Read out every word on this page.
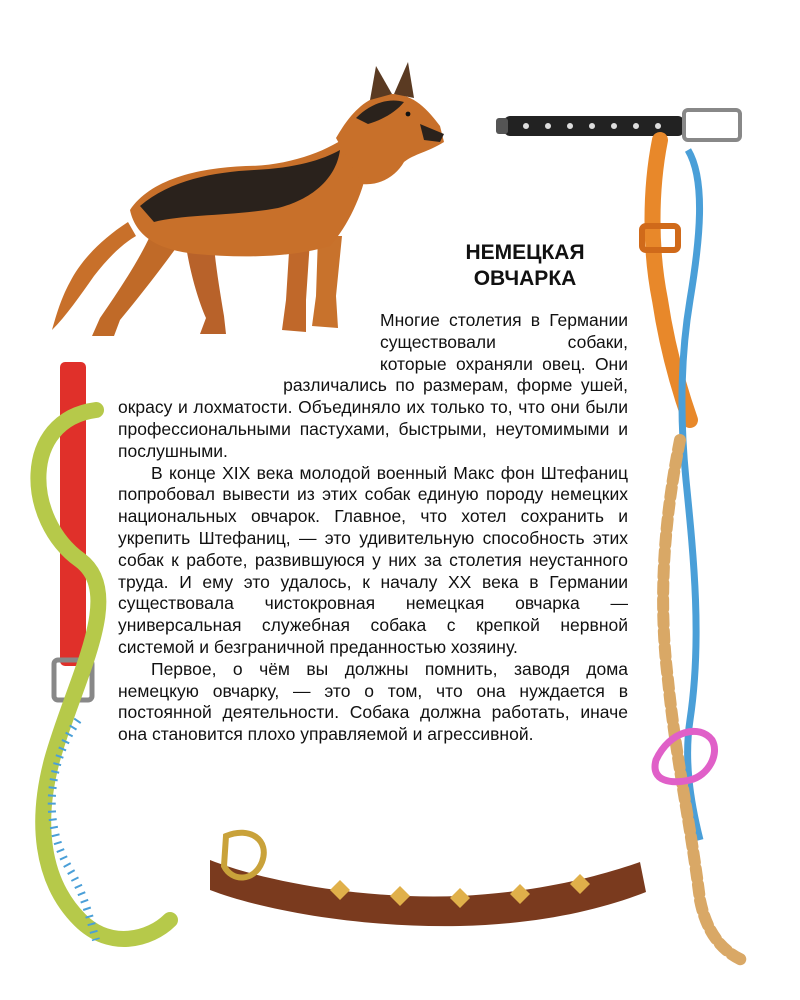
НЕМЕЦКАЯ
ОВЧАРКА

Многие столетия в Германии существовали собаки, которые охраняли овец. Они различались по размерам, форме ушей, окрасу и лохматости. Объединяло их только то, что они были профессиональными пастухами, быстрыми, неутомимыми и послушными.

В конце XIX века молодой военный Макс фон Штефаниц попробовал вывести из этих собак единую породу немецких национальных овчарок. Главное, что хотел сохранить и укрепить Штефаниц, — это удивительную способность этих собак к работе, развившуюся у них за столетия неустанного труда. И ему это удалось, к началу XX века в Германии существовала чистокровная немецкая овчарка — универсальная служебная собака с крепкой нервной системой и безграничной преданностью хозяину.

Первое, о чём вы должны помнить, заводя дома немецкую овчарку, — это о том, что она нуждается в постоянной деятельности. Собака должна работать, иначе она становится плохо управляемой и агрессивной.
